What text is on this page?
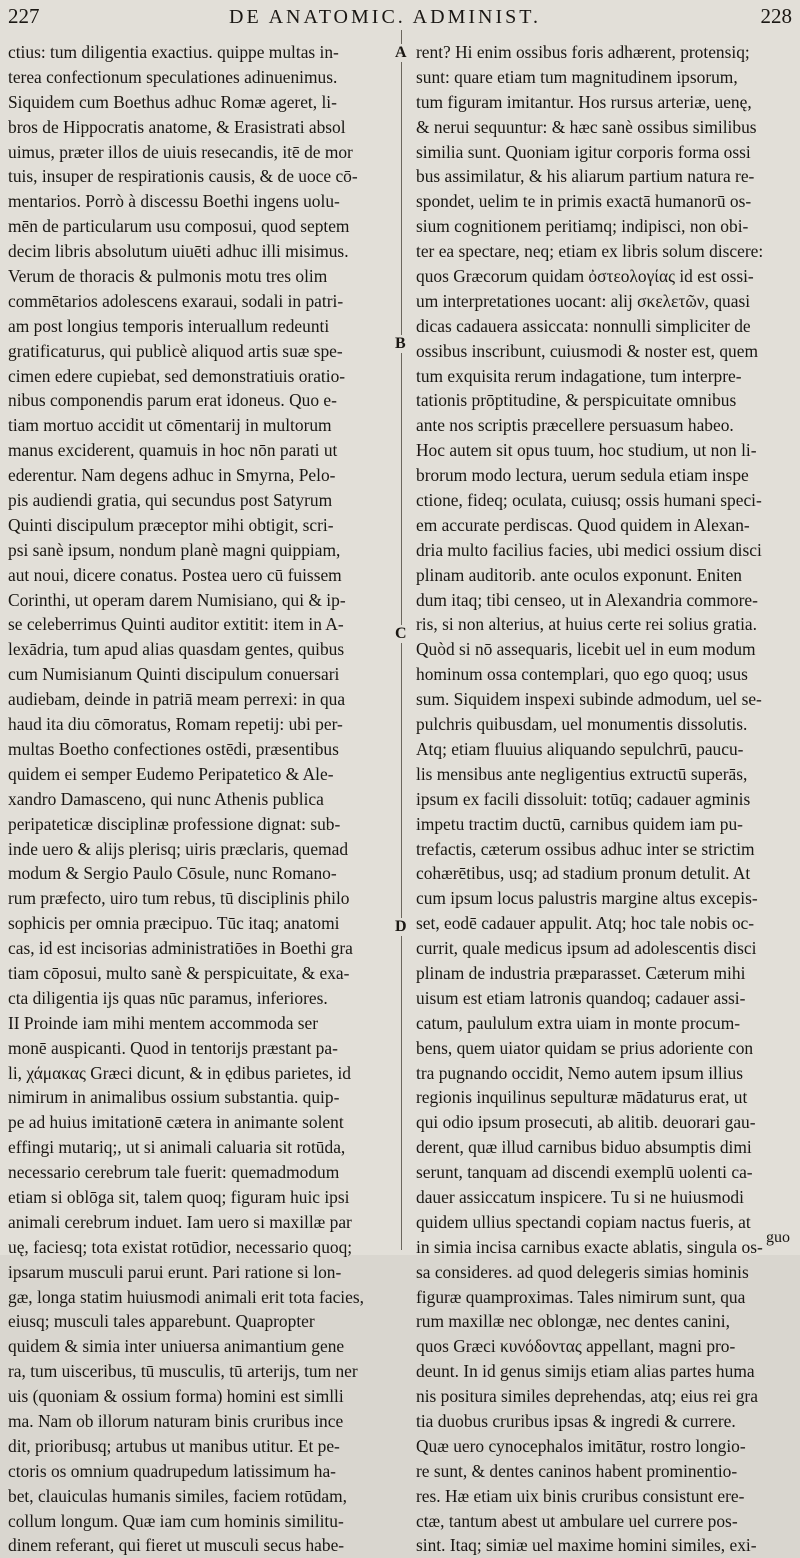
227	DE ANATOMIC. ADMINIST.	228
A
B
C
D
ctius: tum diligentia exactius. quippe multas in-
terea confectionum speculationes adinuenimus.
Siquidem cum Boethus adhuc Romæ ageret, li-
bros de Hippocratis anatome, & Erasistrati absol
uimus, præter illos de uiuis resecandis, itē de mor
tuis, insuper de respirationis causis, & de uoce cō-
mentarios. Porrò à discessu Boethi ingens uolu-
mēn de particularum usu composui, quod septem
decim libris absolutum uiuēti adhuc illi misimus.
Verum de thoracis & pulmonis motu tres olim
commētarios adolescens exaraui, sodali in patri-
am post longius temporis interuallum redeunti
gratificaturus, qui publicè aliquod artis suæ spe-
cimen edere cupiebat, sed demonstratiuis oratio-
nibus componendis parum erat idoneus. Quo e-
tiam mortuo accidit ut cōmentarij in multorum
manus exciderent, quamuis in hoc nōn parati ut
ederentur. Nam degens adhuc in Smyrna, Pelo-
pis audiendi gratia, qui secundus post Satyrum
Quinti discipulum præceptor mihi obtigit, scri-
psi sanè ipsum, nondum planè magni quippiam,
aut noui, dicere conatus. Postea uero cū fuissem
Corinthi, ut operam darem Numisiano, qui & ip-
se celeberrimus Quinti auditor extitit: item in A-
lexādria, tum apud alias quasdam gentes, quibus
cum Numisianum Quinti discipulum conuersari
audiebam, deinde in patriā meam perrexi: in qua
haud ita diu cōmoratus, Romam repetij: ubi per-
multas Boetho confectiones ostēdi, præsentibus
quidem ei semper Eudemo Peripatetico & Ale-
xandro Damasceno, qui nunc Athenis publica
peripateticæ disciplinæ professione dignat: sub-
inde uero & alijs plerisq; uiris præclaris, quemad
modum & Sergio Paulo Cōsule, nunc Romano-
rum præfecto, uiro tum rebus, tū disciplinis philo
sophicis per omnia præcipuo. Tūc itaq; anatomi
cas, id est incisorias administratiōes in Boethi gra
tiam cōposui, multo sanè & perspicuitate, & exa-
cta diligentia ijs quas nūc paramus, inferiores.
II Proinde iam mihi mentem accommoda ser
monē auspicanti. Quod in tentorijs præstant pa-
li, χάμακας Græci dicunt, & in ędibus parietes, id
nimirum in animalibus ossium substantia. quip-
pe ad huius imitationē cætera in animante solent
effingi mutariq;, ut si animali caluaria sit rotūda,
necessario cerebrum tale fuerit: quemadmodum
etiam si oblōga sit, talem quoq; figuram huic ipsi
animali cerebrum induet. Iam uero si maxillæ par
uę, faciesq; tota existat rotūdior, necessario quoq;
ipsarum musculi parui erunt. Pari ratione si lon-
gæ, longa statim huiusmodi animali erit tota facies,
eiusq; musculi tales apparebunt. Quapropter
quidem & simia inter uniuersa animantium gene
ra, tum uisceribus, tū musculis, tū arterijs, tum ner
uis (quoniam & ossium forma) homini est simlli
ma. Nam ob illorum naturam binis cruribus ince
dit, prioribusq; artubus ut manibus utitur. Et pe-
ctoris os omnium quadrupedum latissimum ha-
bet, clauiculas humanis similes, faciem rotūdam,
collum longum. Quæ iam cum hominis similitu-
dinem referant, qui fieret ut musculi secus habe-
rent? Hi enim ossibus foris adhærent, protensiq;
sunt: quare etiam tum magnitudinem ipsorum,
tum figuram imitantur. Hos rursus arteriæ, uenę,
& nerui sequuntur: & hæc sanè ossibus similibus
similia sunt. Quoniam igitur corporis forma ossi
bus assimilatur, & his aliarum partium natura re-
spondet, uelim te in primis exactā humanorū os-
sium cognitionem peritiamq; indipisci, non obi-
ter ea spectare, neq; etiam ex libris solum discere:
quos Græcorum quidam ὀστεολογίας id est ossi-
um interpretationes uocant: alij σκελετῶν, quasi
dicas cadauera assiccata: nonnulli simpliciter de
ossibus inscribunt, cuiusmodi & noster est, quem
tum exquisita rerum indagatione, tum interpre-
tationis prōptitudine, & perspicuitate omnibus
ante nos scriptis præcellere persuasum habeo.
Hoc autem sit opus tuum, hoc studium, ut non li-
brorum modo lectura, uerum sedula etiam inspe
ctione, fideq; oculata, cuiusq; ossis humani speci-
em accurate perdiscas. Quod quidem in Alexan-
dria multo facilius facies, ubi medici ossium disci
plinam auditorib. ante oculos exponunt. Eniten
dum itaq; tibi censeo, ut in Alexandria commore-
ris, si non alterius, at huius certe rei solius gratia.
Quòd si nō assequaris, licebit uel in eum modum
hominum ossa contemplari, quo ego quoq; usus
sum. Siquidem inspexi subinde admodum, uel se-
pulchris quibusdam, uel monumentis dissolutis.
Atq; etiam fluuius aliquando sepulchrū, paucu-
lis mensibus ante negligentius extructū superās,
ipsum ex facili dissoluit: totūq; cadauer agminis
impetu tractim ductū, carnibus quidem iam pu-
trefactis, cæterum ossibus adhuc inter se strictim
cohærētibus, usq; ad stadium pronum detulit. At
cum ipsum locus palustris margine altus excepis-
set, eodē cadauer appulit. Atq; hoc tale nobis oc-
currit, quale medicus ipsum ad adolescentis disci
plinam de industria præparasset. Cæterum mihi
uisum est etiam latronis quandoq; cadauer assi-
catum, paululum extra uiam in monte procum-
bens, quem uiator quidam se prius adoriente con
tra pugnando occidit, Nemo autem ipsum illius
regionis inquilinus sepulturæ mādaturus erat, ut
qui odio ipsum prosecuti, ab alitib. deuorari gau-
derent, quæ illud carnibus biduo absumptis dimi
serunt, tanquam ad discendi exemplū uolenti ca-
dauer assiccatum inspicere. Tu si ne huiusmodi
quidem ullius spectandi copiam nactus fueris, at
in simia incisa carnibus exacte ablatis, singula os-
sa consideres. ad quod delegeris simias hominis
figuræ quamproximas. Tales nimirum sunt, qua
rum maxillæ nec oblongæ, nec dentes canini,
quos Græci κυνόδοντας appellant, magni pro-
deunt. In id genus simijs etiam alias partes huma
nis positura similes deprehendas, atq; eius rei gra
tia duobus cruribus ipsas & ingredi & currere.
Quæ uero cynocephalos imitātur, rostro longio-
re sunt, & dentes caninos habent prominentio-
res. Hæ etiam uix binis cruribus consistunt ere-
ctæ, tantum abest ut ambulare uel currere pos-
sint. Itaq; simiæ uel maxime homini similes, exi-
guo
